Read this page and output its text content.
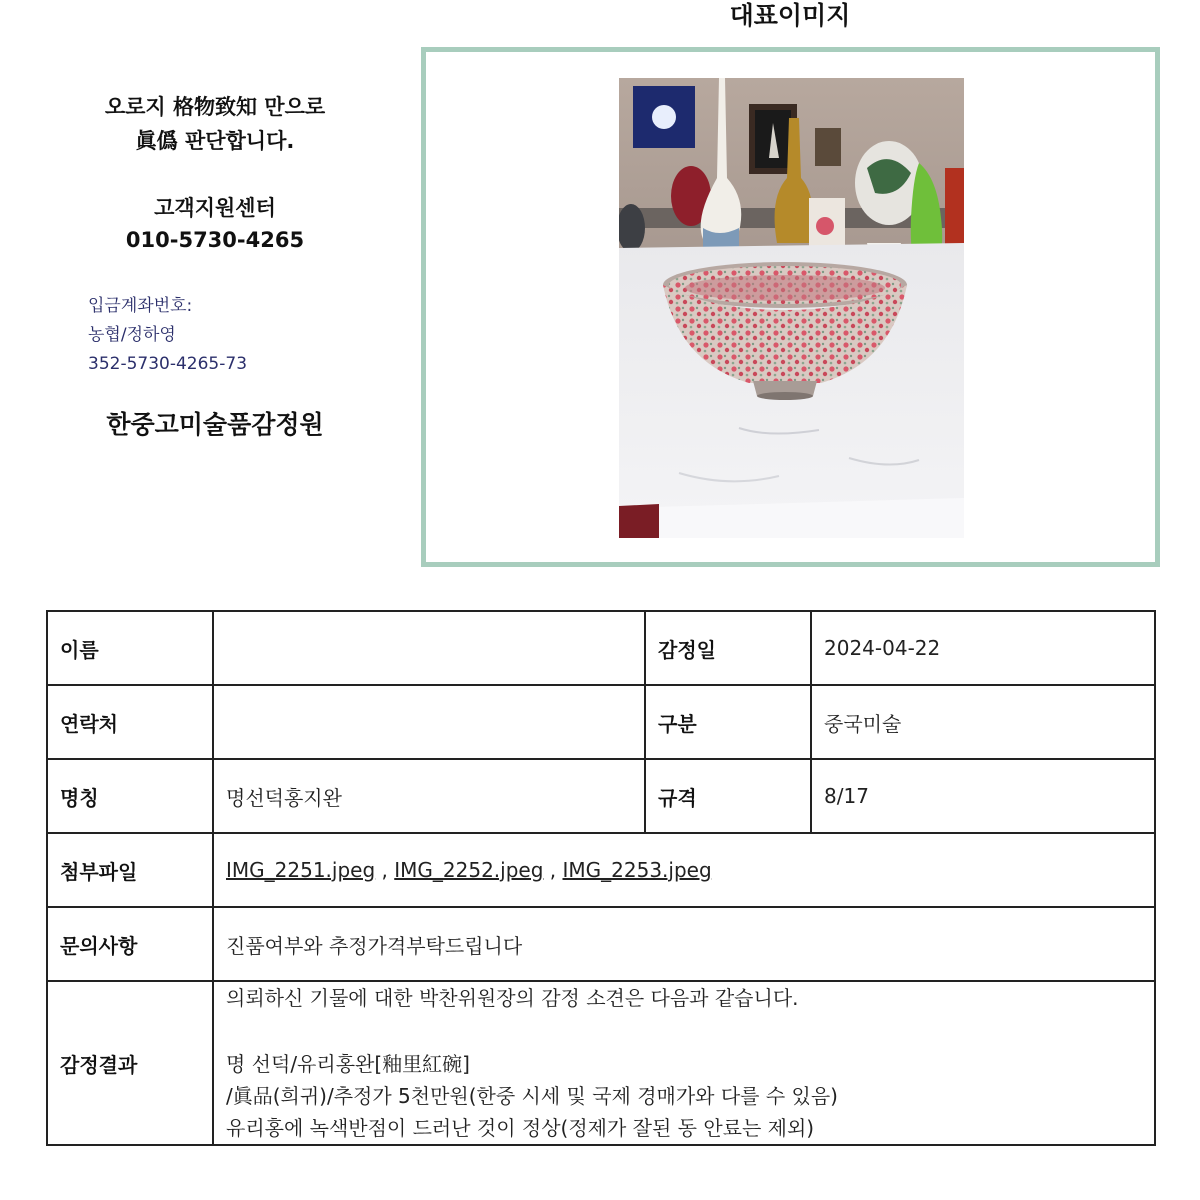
오로지 格物致知 만으로

眞僞 판단합니다.

고객지원센터
010-5730-4265
입금계좌번호:
농협/정하영
352-5730-4265-73
한중고미술품감정원
대표이미지
이름		감정일	2024-04-22
연락처		구분	중국미술
명칭	명선덕홍지완	규격	8/17
첨부파일	IMG_2251.jpeg , IMG_2252.jpeg , IMG_2253.jpeg		
문의사항	진품여부와 추정가격부탁드립니다		
감정결과	의뢰하신 기물에 대한 박찬위원장의 감정 소견은 다음과 같습니다.
명 선덕/유리홍완[釉里紅碗]
/眞品(희귀)/추정가 5천만원(한중 시세 및 국제 경매가와 다를 수 있음)
유리홍에 녹색반점이 드러난 것이 정상(정제가 잘된 동 안료는 제외)		
